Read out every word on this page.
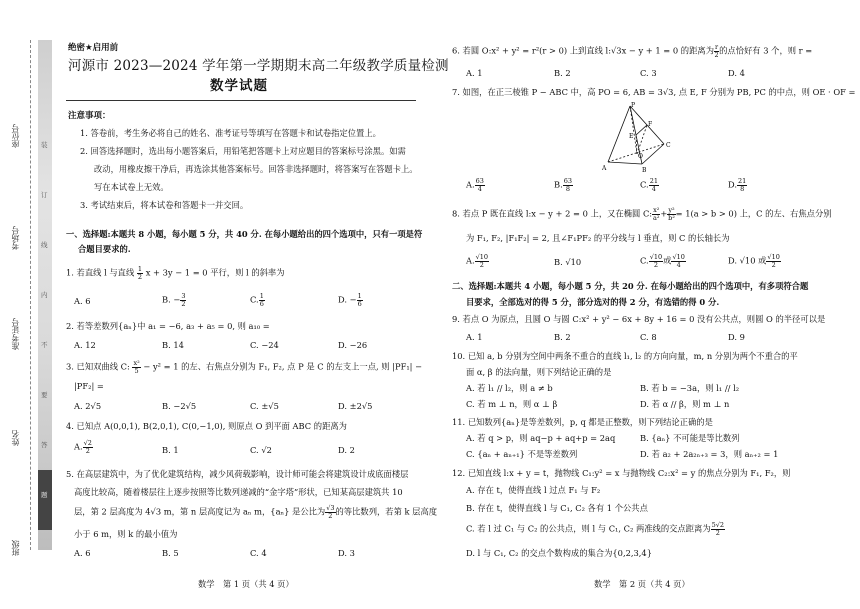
座位号
考场号
准考证号
姓名
班级
装
订
线
内
不
要
答
题
绝密★启用前
河源市 2023—2024 学年第一学期期末高二年级教学质量检测
数学试题
注意事项：
1. 答卷前，考生务必将自己的姓名、准考证号等填写在答题卡和试卷指定位置上。
2. 回答选择题时，选出每小题答案后，用铅笔把答题卡上对应题目的答案标号涂黑。如需
改动，用橡皮擦干净后，再选涂其他答案标号。回答非选择题时，将答案写在答题卡上。
写在本试卷上无效。
3. 考试结束后，将本试卷和答题卡一并交回。
一、选择题:本题共 8 小题，每小题 5 分，共 40 分. 在每小题给出的四个选项中，只有一项是符
合题目要求的.
1. 若直线 l 与直线 $\frac{1}{2}$ x + 3y − 1 = 0 平行，则 l 的斜率为
A. 6	B. − $\frac{3}{2}$	C. $\frac{1}{6}$	D. − $\frac{1}{6}$
2. 若等差数列{aₙ}中 a₁ = −6, a₃ + a₅ = 0, 则 a₁₀ =
A. 12	B. 14	C. −24	D. −26
3. 已知双曲线 C: $\frac{\text{x²}}{5} - y^2 = 1$ 的左、右焦点分别为 F₁, F₂, 点 P 是 C 的左支上一点, 则 |PF₁| −
|PF₂| =
A. 2√5	B. −2√5	C. ±√5	D. ±2√5
4. 已知点 A(0,0,1), B(2,0,1), C(0,−1,0), 则原点 O 到平面 ABC 的距离为
A. $\frac{√2}{2}$	B. 1	C. √2	D. 2
5. 在高层建筑中，为了优化建筑结构，减少风荷载影响，设计师可能会将建筑设计成底面楼层
高度比较高，随着楼层往上逐步按照等比数列递减的“金字塔”形状，已知某高层建筑共 10
层，第 2 层高度为 4√3 m，第 n 层高度记为 aₙ m，{aₙ} 是公比为 $\frac{√3}{2}$ 的等比数列，若第 k 层高度
小于 6 m，则 k 的最小值为
A. 6	B. 5	C. 4	D. 3
数学　第 1 页（共 4 页）
6. 若圆 O:x² + y² = r²(r > 0) 上到直线 l:√3x − y + 1 = 0 的距离为 $\frac{r}{2}$ 的点恰好有 3 个，则 r =
A. 1	B. 2	C. 3	D. 4
7. 如图，在正三棱锥 P − ABC 中，高 PO = 6, AB = 3√3, 点 E, F 分别为 PB, PC 的中点，则 OE · OF =
P
F
E
C
A	B
O
A. $\frac{63}{4}$	B. $\frac{63}{8}$	C. $\frac{21}{4}$	D. $\frac{21}{8}$
8. 若点 P 既在直线 l:x − y + 2 = 0 上，又在椭圆 C: $\frac{\text{x²}}{\text{a²}} + \frac{\text{y²}}{\text{b²}} = 1(a > b > 0)$ 上，C 的左、右焦点分别
为 F₁, F₂, |F₁F₂| = 2, 且∠F₁PF₂ 的平分线与 l 垂直，则 C 的长轴长为
A. $\frac{√10}{2}$	B. √10	C. $\frac{√10}{2}$ 或 $\frac{√10}{4}$	D. √10 或 $\frac{√10}{2}$
二、选择题:本题共 4 小题，每小题 5 分，共 20 分. 在每小题给出的四个选项中，有多项符合题
目要求，全部选对的得 5 分，部分选对的得 2 分，有选错的得 0 分.
9. 若点 O 为原点，且圆 O 与圆 C:x² + y² − 6x + 8y + 16 = 0 没有公共点，则圆 O 的半径可以是
A. 1	B. 2	C. 8	D. 9
10. 已知 a, b 分别为空间中两条不重合的直线 l₁, l₂ 的方向向量，m, n 分别为两个不重合的平
面 α, β 的法向量，则下列结论正确的是
A. 若 l₁ // l₂，则 a ≠ b	B. 若 b = −3a，则 l₁ // l₂
C. 若 m ⊥ n，则 α ⊥ β	D. 若 α // β，则 m ⊥ n
11. 已知数列{aₙ}是等差数列，p, q 都是正整数，则下列结论正确的是
A. 若 q > p，则 aq−p + aq+p = 2aq	B. {aₙ} 不可能是等比数列
C. {aₙ + aₙ₊₁} 不是等差数列	D. 若 a₂ + 2a₂ₙ₊₃ = 3，则 aₙ₊₂ = 1
12. 已知直线 l:x + y = t，抛物线 C₁:y² = x 与抛物线 C₂:x² = y 的焦点分别为 F₁, F₂，则
A. 存在 t，使得直线 l 过点 F₁ 与 F₂
B. 存在 t，使得直线 l 与 C₁, C₂ 各有 1 个公共点
C. 若 l 过 C₁ 与 C₂ 的公共点，则 l 与 C₁, C₂ 两准线的交点距离为 $\frac{5√2}{2}$
D. l 与 C₁, C₂ 的交点个数构成的集合为{0,2,3,4}
数学　第 2 页（共 4 页）
